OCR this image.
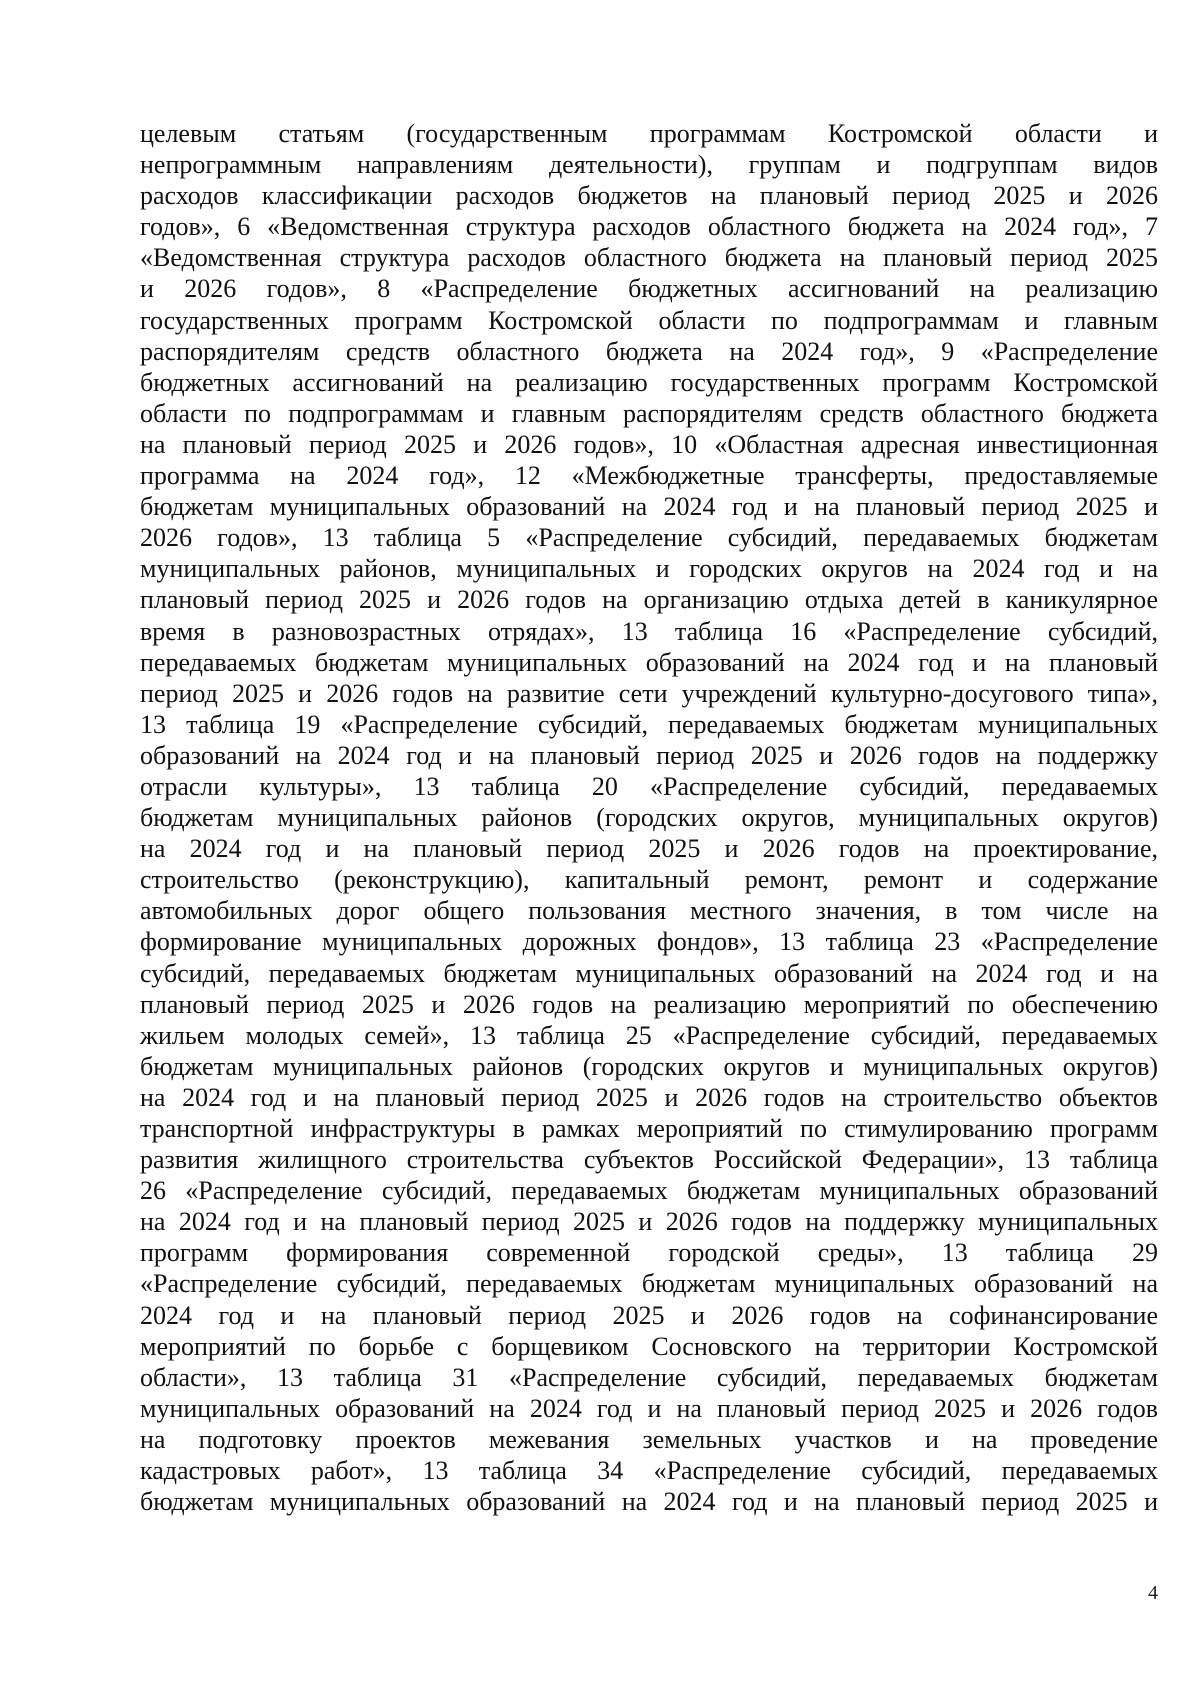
целевым статьям (государственным программам Костромской области и
непрограммным направлениям деятельности), группам и подгруппам видов
расходов классификации расходов бюджетов на плановый период 2025 и 2026
годов», 6 «Ведомственная структура расходов областного бюджета на 2024 год», 7
«Ведомственная структура расходов областного бюджета на плановый период 2025
и 2026 годов», 8 «Распределение бюджетных ассигнований на реализацию
государственных программ Костромской области по подпрограммам и главным
распорядителям средств областного бюджета на 2024 год», 9 «Распределение
бюджетных ассигнований на реализацию государственных программ Костромской
области по подпрограммам и главным распорядителям средств областного бюджета
на плановый период 2025 и 2026 годов», 10 «Областная адресная инвестиционная
программа на 2024 год», 12 «Межбюджетные трансферты, предоставляемые
бюджетам муниципальных образований на 2024 год и на плановый период 2025 и
2026 годов», 13 таблица 5 «Распределение субсидий, передаваемых бюджетам
муниципальных районов, муниципальных и городских округов на 2024 год и на
плановый период 2025 и 2026 годов на организацию отдыха детей в каникулярное
время в разновозрастных отрядах», 13 таблица 16 «Распределение субсидий,
передаваемых бюджетам муниципальных образований на 2024 год и на плановый
период 2025 и 2026 годов на развитие сети учреждений культурно-досугового типа»,
13 таблица 19 «Распределение субсидий, передаваемых бюджетам муниципальных
образований на 2024 год и на плановый период 2025 и 2026 годов на поддержку
отрасли культуры», 13 таблица 20 «Распределение субсидий, передаваемых
бюджетам муниципальных районов (городских округов, муниципальных округов)
на 2024 год и на плановый период 2025 и 2026 годов на проектирование,
строительство (реконструкцию), капитальный ремонт, ремонт и содержание
автомобильных дорог общего пользования местного значения, в том числе на
формирование муниципальных дорожных фондов», 13 таблица 23 «Распределение
субсидий, передаваемых бюджетам муниципальных образований на 2024 год и на
плановый период 2025 и 2026 годов на реализацию мероприятий по обеспечению
жильем молодых семей», 13 таблица 25 «Распределение субсидий, передаваемых
бюджетам муниципальных районов (городских округов и муниципальных округов)
на 2024 год и на плановый период 2025 и 2026 годов на строительство объектов
транспортной инфраструктуры в рамках мероприятий по стимулированию программ
развития жилищного строительства субъектов Российской Федерации», 13 таблица
26 «Распределение субсидий, передаваемых бюджетам муниципальных образований
на 2024 год и на плановый период 2025 и 2026 годов на поддержку муниципальных
программ формирования современной городской среды», 13 таблица 29
«Распределение субсидий, передаваемых бюджетам муниципальных образований на
2024 год и на плановый период 2025 и 2026 годов на софинансирование
мероприятий по борьбе с борщевиком Сосновского на территории Костромской
области», 13 таблица 31 «Распределение субсидий, передаваемых бюджетам
муниципальных образований на 2024 год и на плановый период 2025 и 2026 годов
на подготовку проектов межевания земельных участков и на проведение
кадастровых работ», 13 таблица 34 «Распределение субсидий, передаваемых
бюджетам муниципальных образований на 2024 год и на плановый период 2025 и
4
